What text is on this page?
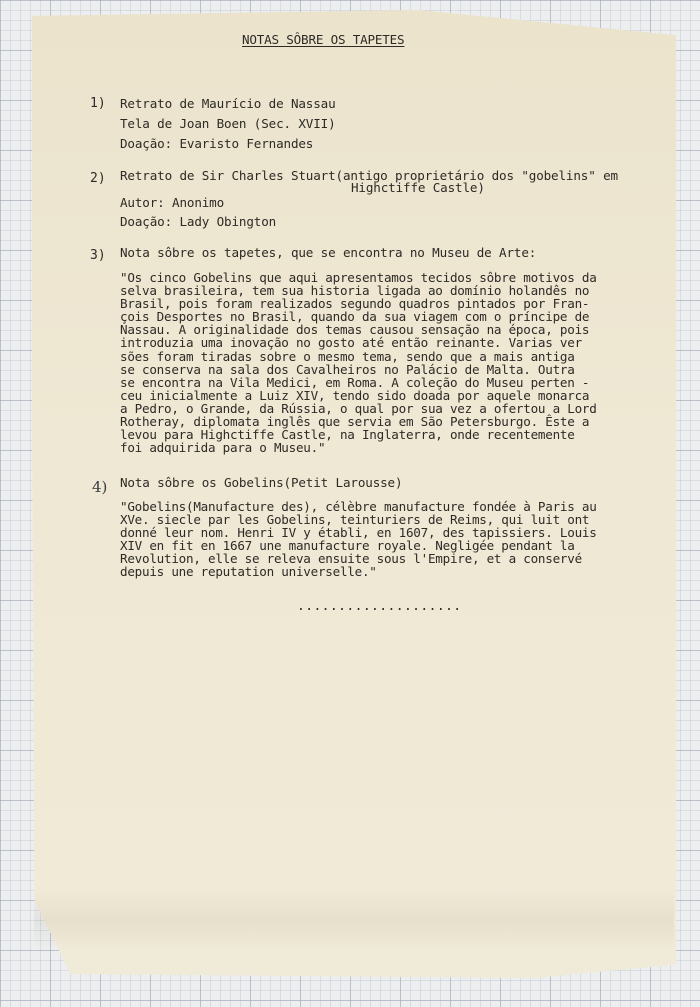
NOTAS SÔBRE OS TAPETES
1) Retrato de Maurício de Nassau
Tela de Joan Boen (Sec. XVII)
Doação: Evaristo Fernandes
2) Retrato de Sir Charles Stuart(antigo proprietário dos "gobelins" em
Highctiffe Castle)
Autor: Anonimo
Doação: Lady Obington
3) Nota sôbre os tapetes, que se encontra no Museu de Arte:
"Os cinco Gobelins que aqui apresentamos tecidos sôbre motivos da
selva brasileira, tem sua historia ligada ao domínio holandês no
Brasil, pois foram realizados segundo quadros pintados por Fran-
çois Desportes no Brasil, quando da sua viagem com o príncipe de
Nassau. A originalidade dos temas causou sensação na época, pois
introduzia uma inovação no gosto até então reinante. Varias ver
sões foram tiradas sobre o mesmo tema, sendo que a mais antiga
se conserva na sala dos Cavalheiros no Palácio de Malta. Outra
se encontra na Vila Medici, em Roma. A coleção do Museu perten -
ceu inicialmente a Luiz XIV, tendo sido doada por aquele monarca
a Pedro, o Grande, da Rússia, o qual por sua vez a ofertou a Lord
Rotheray, diplomata inglês que servia em São Petersburgo. Êste a
levou para Highctiffe Castle, na Inglaterra, onde recentemente
foi adquirida para o Museu."
4) Nota sôbre os Gobelins(Petit Larousse)
"Gobelins(Manufacture des), célèbre manufacture fondée à Paris au
XVe. siecle par les Gobelins, teinturiers de Reims, qui luit ont
donné leur nom. Henri IV y établi, en 1607, des tapissiers. Louis
XIV en fit en 1667 une manufacture royale. Negligée pendant la
Revolution, elle se releva ensuite sous l'Empire, et a conservé
depuis une reputation universelle."
....................
